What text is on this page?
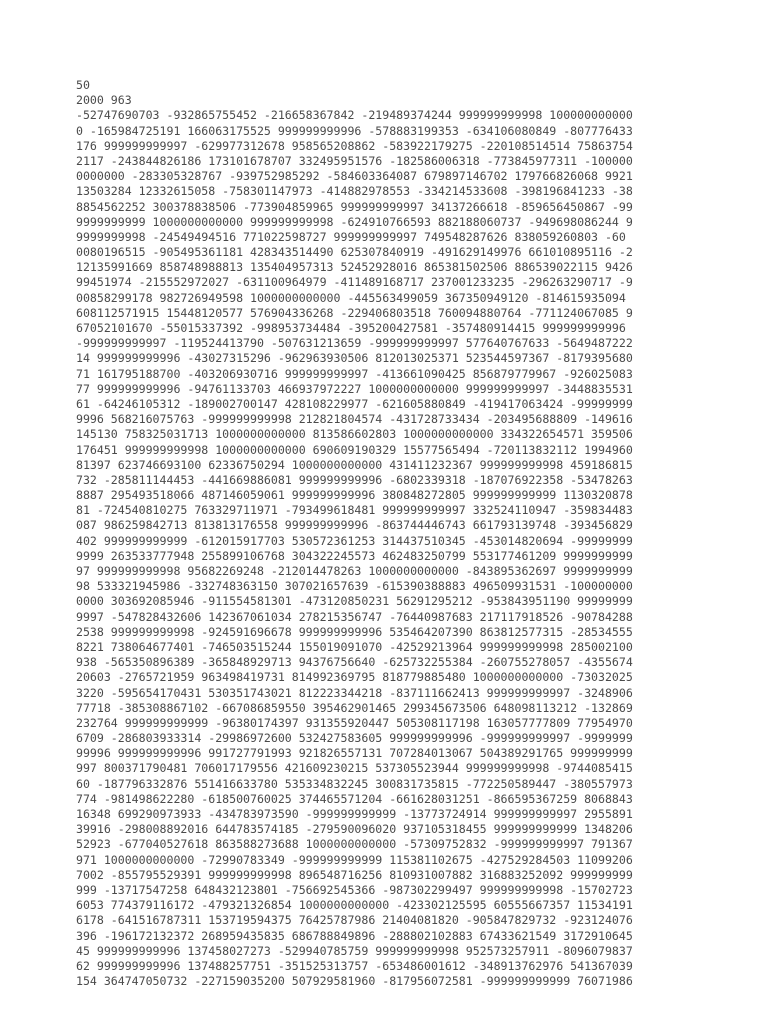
50
2000 963
-52747690703 -932865755452 -216658367842 -219489374244 999999999998 100000000000
0 -165984725191 166063175525 999999999996 -578883199353 -634106080849 -807776433
176 999999999997 -629977312678 958565208862 -583922179275 -220108514514 75863754
2117 -243844826186 173101678707 332495951576 -182586006318 -773845977311 -100000
0000000 -283305328767 -939752985292 -584603364087 679897146702 179766826068 9921
13503284 12332615058 -758301147973 -414882978553 -334214533608 -398196841233 -38
8854562252 300378838506 -773904859965 999999999997 34137266618 -859656450867 -99
9999999999 1000000000000 999999999998 -624910766593 882188060737 -949698086244 9
9999999998 -24549494516 771022598727 999999999997 749548287626 838059260803 -60
0080196515 -905495361181 428343514490 625307840919 -491629149976 661010895116 -2
12135991669 858748988813 135404957313 52452928016 865381502506 886539022115 9426
99451974 -215552972027 -631100964979 -411489168717 237001233235 -296263290717 -9
00858299178 982726949598 1000000000000 -445563499059 367350949120 -814615935094
608112571915 15448120577 576904336268 -229406803518 760094880764 -771124067085 9
67052101670 -55015337392 -998953734484 -395200427581 -357480914415 999999999996
-999999999997 -119524413790 -507631213659 -999999999997 577640767633 -5649487222
14 999999999996 -43027315296 -962963930506 812013025371 523544597367 -8179395680
71 161795188700 -403206930716 999999999997 -413661090425 856879779967 -926025083
77 999999999996 -94761133703 466937972227 1000000000000 999999999997 -3448835531
61 -64246105312 -189002700147 428108229977 -621605880849 -419417063424 -99999999
9996 568216075763 -999999999998 212821804574 -431728733434 -203495688809 -149616
145130 758325031713 1000000000000 813586602803 1000000000000 334322654571 359506
176451 999999999998 1000000000000 690609190329 15577565494 -720113832112 1994960
81397 623746693100 62336750294 1000000000000 431411232367 999999999998 459186815
732 -285811144453 -441669886081 999999999996 -6802339318 -187076922358 -53478263
8887 295493518066 487146059061 999999999996 380848272805 999999999999 1130320878
81 -724540810275 763329711971 -793499618481 999999999997 332524110947 -359834483
087 986259842713 813813176558 999999999996 -863744446743 661793139748 -393456829
402 999999999999 -612015917703 530572361253 314437510345 -453014820694 -99999999
9999 263533777948 255899106768 304322245573 462483250799 553177461209 9999999999
97 999999999998 95682269248 -212014478263 1000000000000 -843895362697 9999999999
98 533321945986 -332748363150 307021657639 -615390388883 496509931531 -100000000
0000 303692085946 -911554581301 -473120850231 56291295212 -953843951190 99999999
9997 -547828432606 142367061034 278215356747 -76440987683 217117918526 -90784288
2538 999999999998 -924591696678 999999999996 535464207390 863812577315 -28534555
8221 738064677401 -746503515244 155019091070 -42529213964 999999999998 285002100
938 -565350896389 -365848929713 94376756640 -625732255384 -260755278057 -4355674
20603 -2765721959 963498419731 814992369795 818779885480 1000000000000 -73032025
3220 -595654170431 530351743021 812223344218 -837111662413 999999999997 -3248906
77718 -385308867102 -667086859550 395462901465 299345673506 648098113212 -132869
232764 999999999999 -96380174397 931355920447 505308117198 163057777809 77954970
6709 -286803933314 -29986972600 532427583605 999999999996 -999999999997 -9999999
99996 999999999996 991727791993 921826557131 707284013067 504389291765 999999999
997 800371790481 706017179556 421609230215 537305523944 999999999998 -9744085415
60 -187796332876 551416633780 535334832245 300831735815 -772250589447 -380557973
774 -981498622280 -618500760025 374465571204 -661628031251 -866595367259 8068843
16348 699290973933 -434783973590 -999999999999 -13773724914 999999999997 2955891
39916 -298008892016 644783574185 -279590096020 937105318455 999999999999 1348206
52923 -677040527618 863588273688 1000000000000 -57309752832 -999999999997 791367
971 1000000000000 -72990783349 -999999999999 115381102675 -427529284503 11099206
7002 -855795529391 999999999998 896548716256 810931007882 316883252092 999999999
999 -13717547258 648432123801 -756692545366 -987302299497 999999999998 -15702723
6053 774379116172 -479321326854 1000000000000 -423302125595 60555667357 11534191
6178 -641516787311 153719594375 76425787986 21404081820 -905847829732 -923124076
396 -196172132372 268959435835 686788849896 -288802102883 67433621549 3172910645
45 999999999996 137458027273 -529940785759 999999999998 952573257911 -8096079837
62 999999999996 137488257751 -351525313757 -653486001612 -348913762976 541367039
154 364747050732 -227159035200 507929581960 -817956072581 -999999999999 76071986
